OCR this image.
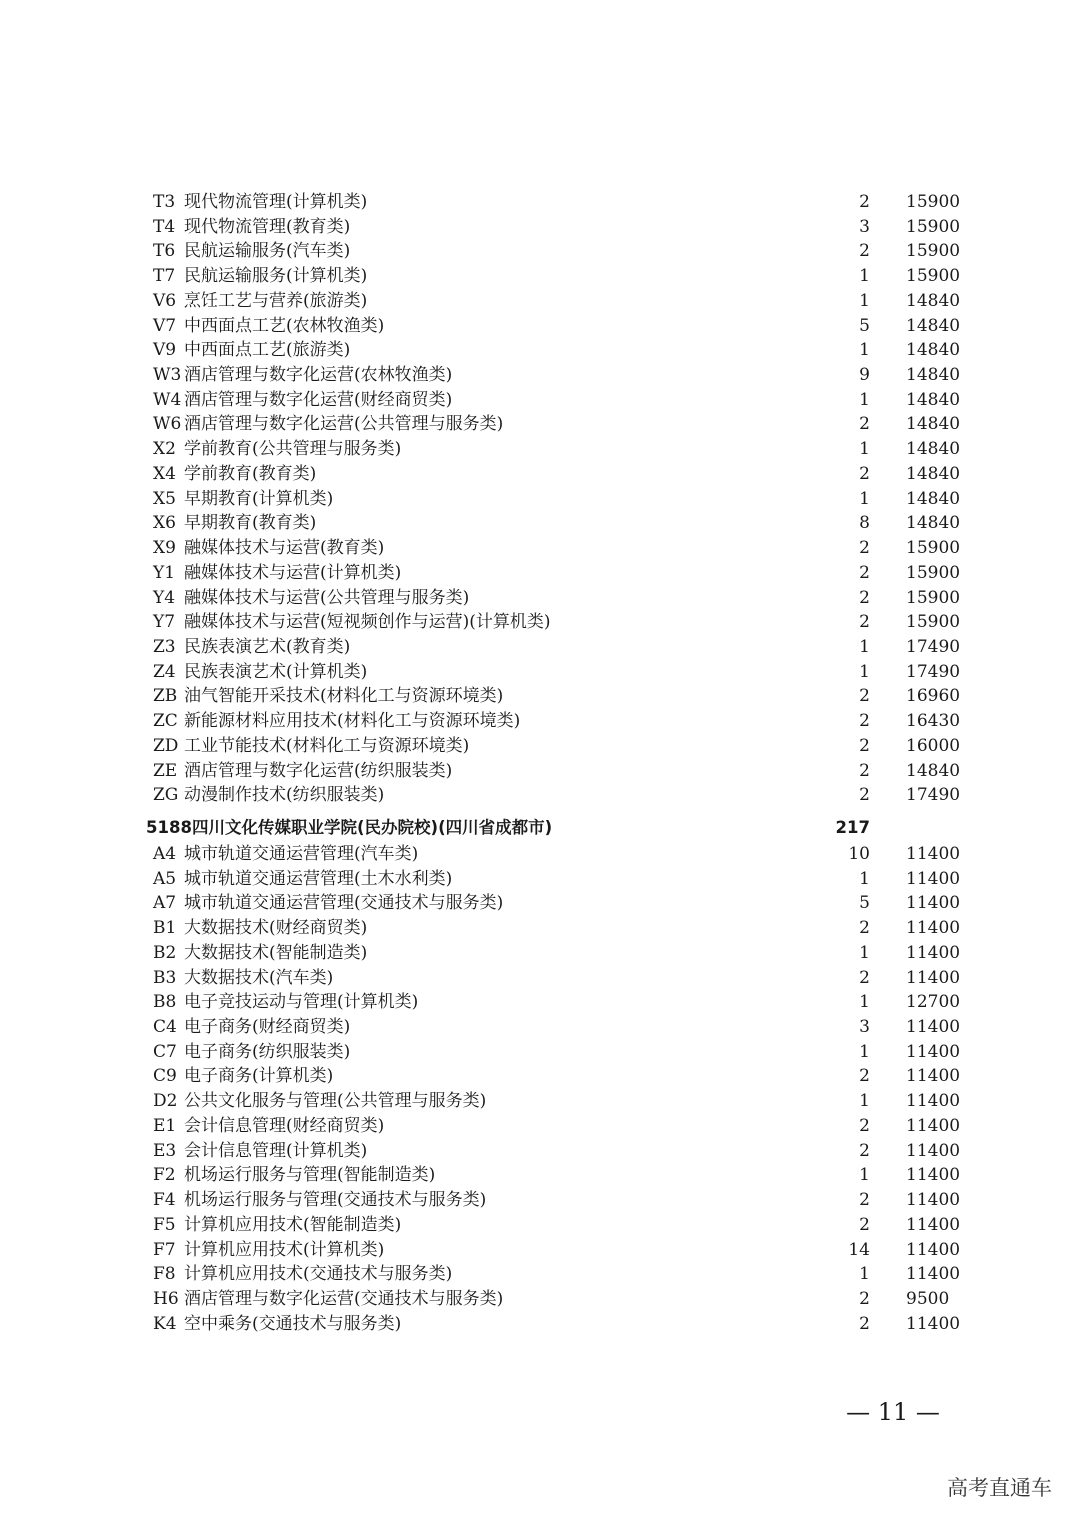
T3 现代物流管理(计算机类)	2 15900
T4 现代物流管理(教育类)	3 15900
T6 民航运输服务(汽车类)	2 15900
T7 民航运输服务(计算机类)	1 15900
V6 烹饪工艺与营养(旅游类)	1 14840
V7 中西面点工艺(农林牧渔类)	5 14840
V9 中西面点工艺(旅游类)	1 14840
W3 酒店管理与数字化运营(农林牧渔类)	9 14840
W4 酒店管理与数字化运营(财经商贸类)	1 14840
W6 酒店管理与数字化运营(公共管理与服务类)	2 14840
X2 学前教育(公共管理与服务类)	1 14840
X4 学前教育(教育类)	2 14840
X5 早期教育(计算机类)	1 14840
X6 早期教育(教育类)	8 14840
X9 融媒体技术与运营(教育类)	2 15900
Y1 融媒体技术与运营(计算机类)	2 15900
Y4 融媒体技术与运营(公共管理与服务类)	2 15900
Y7 融媒体技术与运营(短视频创作与运营)(计算机类)	2 15900
Z3 民族表演艺术(教育类)	1 17490
Z4 民族表演艺术(计算机类)	1 17490
ZB 油气智能开采技术(材料化工与资源环境类)	2 16960
ZC 新能源材料应用技术(材料化工与资源环境类)	2 16430
ZD 工业节能技术(材料化工与资源环境类)	2 16000
ZE 酒店管理与数字化运营(纺织服装类)	2 14840
ZG 动漫制作技术(纺织服装类)	2 17490
5188 四川文化传媒职业学院(民办院校)(四川省成都市)	217
A4 城市轨道交通运营管理(汽车类)	10 11400
A5 城市轨道交通运营管理(土木水利类)	1 11400
A7 城市轨道交通运营管理(交通技术与服务类)	5 11400
B1 大数据技术(财经商贸类)	2 11400
B2 大数据技术(智能制造类)	1 11400
B3 大数据技术(汽车类)	2 11400
B8 电子竞技运动与管理(计算机类)	1 12700
C4 电子商务(财经商贸类)	3 11400
C7 电子商务(纺织服装类)	1 11400
C9 电子商务(计算机类)	2 11400
D2 公共文化服务与管理(公共管理与服务类)	1 11400
E1 会计信息管理(财经商贸类)	2 11400
E3 会计信息管理(计算机类)	2 11400
F2 机场运行服务与管理(智能制造类)	1 11400
F4 机场运行服务与管理(交通技术与服务类)	2 11400
F5 计算机应用技术(智能制造类)	2 11400
F7 计算机应用技术(计算机类)	14 11400
F8 计算机应用技术(交通技术与服务类)	1 11400
H6 酒店管理与数字化运营(交通技术与服务类)	2 9500
K4 空中乘务(交通技术与服务类)	2 11400
— 11 —
高考直通车
